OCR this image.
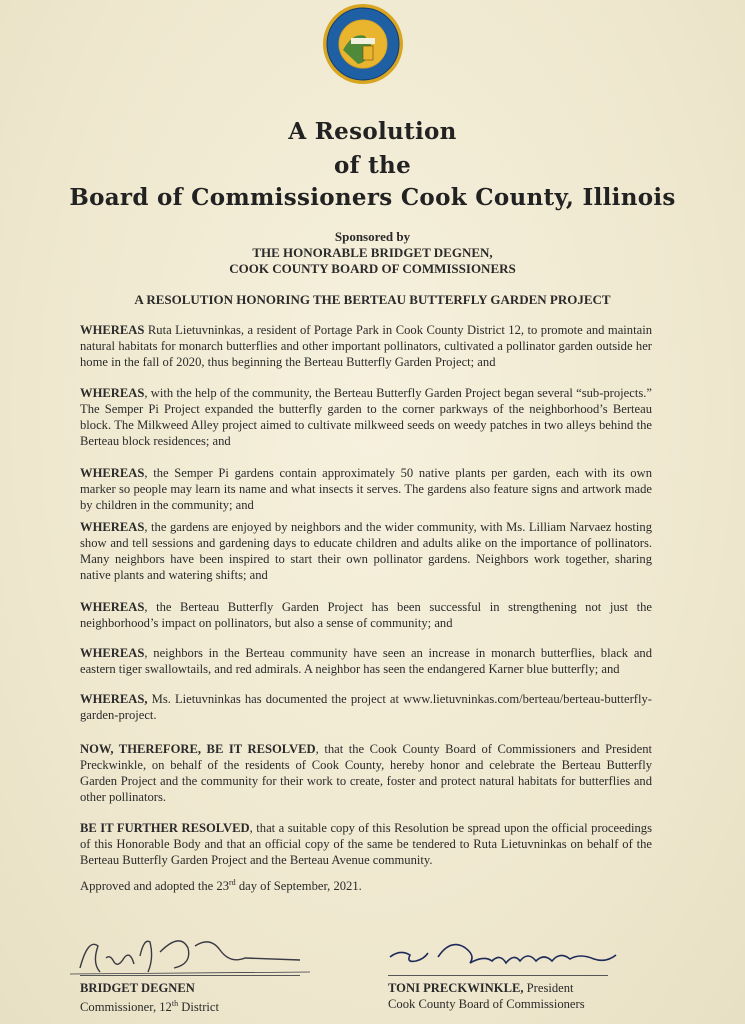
A Resolution
of the
Board of Commissioners Cook County, Illinois
Sponsored by
THE HONORABLE BRIDGET DEGNEN,
COOK COUNTY BOARD OF COMMISSIONERS
A RESOLUTION HONORING THE BERTEAU BUTTERFLY GARDEN PROJECT
WHEREAS Ruta Lietuvninkas, a resident of Portage Park in Cook County District 12, to promote and maintain natural habitats for monarch butterflies and other important pollinators, cultivated a pollinator garden outside her home in the fall of 2020, thus beginning the Berteau Butterfly Garden Project; and
WHEREAS, with the help of the community, the Berteau Butterfly Garden Project began several “sub-projects.” The Semper Pi Project expanded the butterfly garden to the corner parkways of the neighborhood’s Berteau block. The Milkweed Alley project aimed to cultivate milkweed seeds on weedy patches in two alleys behind the Berteau block residences; and
WHEREAS, the Semper Pi gardens contain approximately 50 native plants per garden, each with its own marker so people may learn its name and what insects it serves. The gardens also feature signs and artwork made by children in the community; and
WHEREAS, the gardens are enjoyed by neighbors and the wider community, with Ms. Lilliam Narvaez hosting show and tell sessions and gardening days to educate children and adults alike on the importance of pollinators. Many neighbors have been inspired to start their own pollinator gardens. Neighbors work together, sharing native plants and watering shifts; and
WHEREAS, the Berteau Butterfly Garden Project has been successful in strengthening not just the neighborhood’s impact on pollinators, but also a sense of community; and
WHEREAS, neighbors in the Berteau community have seen an increase in monarch butterflies, black and eastern tiger swallowtails, and red admirals. A neighbor has seen the endangered Karner blue butterfly; and
WHEREAS, Ms. Lietuvninkas has documented the project at www.lietuvninkas.com/berteau/berteau-butterfly-garden-project.
NOW, THEREFORE, BE IT RESOLVED, that the Cook County Board of Commissioners and President Preckwinkle, on behalf of the residents of Cook County, hereby honor and celebrate the Berteau Butterfly Garden Project and the community for their work to create, foster and protect natural habitats for butterflies and other pollinators.
BE IT FURTHER RESOLVED, that a suitable copy of this Resolution be spread upon the official proceedings of this Honorable Body and that an official copy of the same be tendered to Ruta Lietuvninkas on behalf of the Berteau Butterfly Garden Project and the Berteau Avenue community.
Approved and adopted the 23rd day of September, 2021.
BRIDGET DEGNEN
Commissioner, 12th District
TONI PRECKWINKLE, President
Cook County Board of Commissioners
